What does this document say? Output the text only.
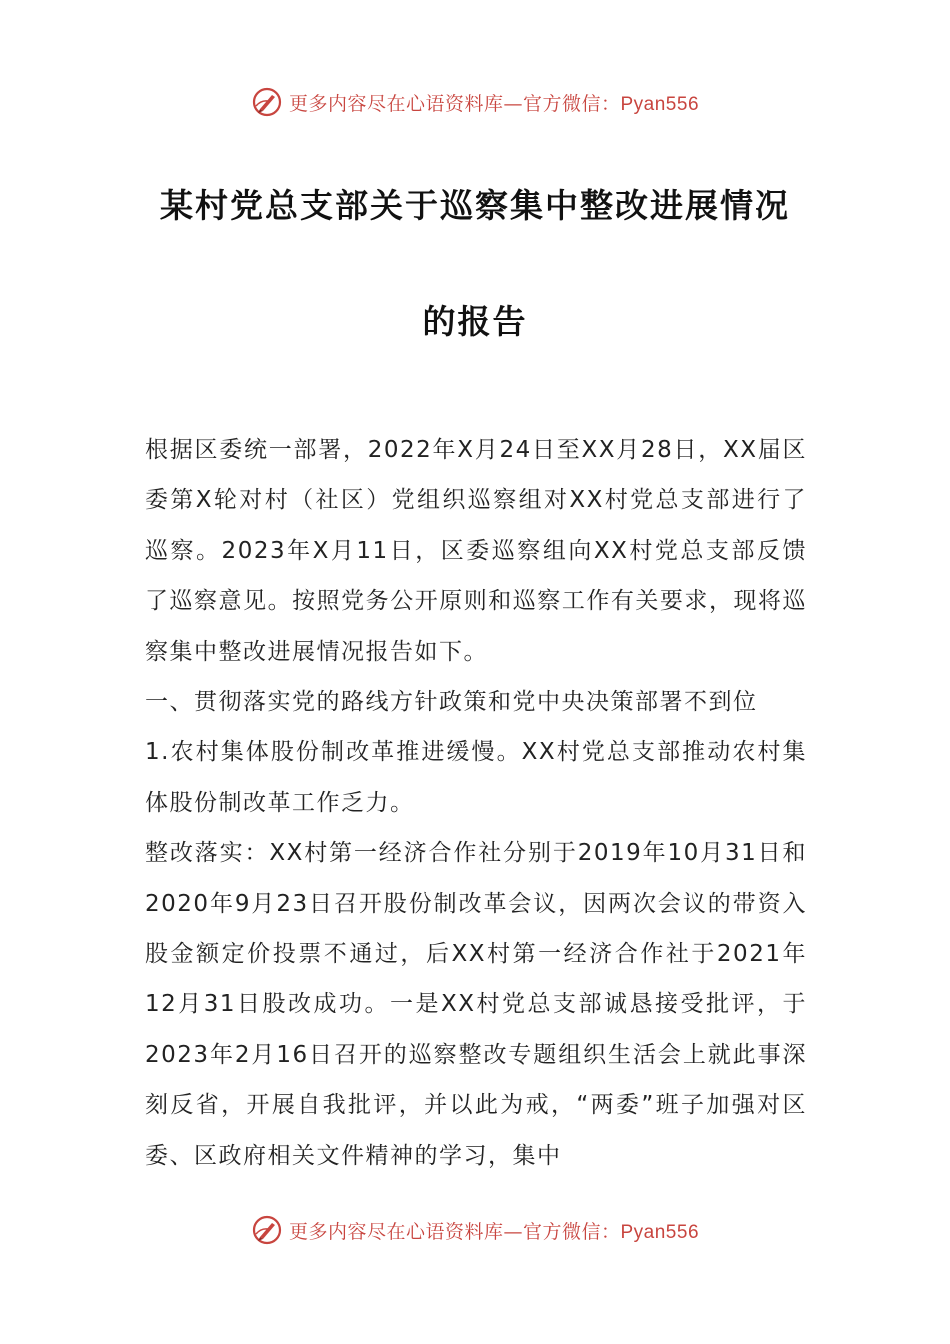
更多内容尽在心语资料库—官方微信：Pyan556
某村党总支部关于巡察集中整改进展情况
的报告

根据区委统一部署，2022年X月24日至XX月28日，XX届区委第X轮对村（社区）党组织巡察组对XX村党总支部进行了巡察。2023年X月11日，区委巡察组向XX村党总支部反馈了巡察意见。按照党务公开原则和巡察工作有关要求，现将巡察集中整改进展情况报告如下。

一、贯彻落实党的路线方针政策和党中央决策部署不到位

1.农村集体股份制改革推进缓慢。XX村党总支部推动农村集体股份制改革工作乏力。

整改落实：XX村第一经济合作社分别于2019年10月31日和2020年9月23日召开股份制改革会议，因两次会议的带资入股金额定价投票不通过，后XX村第一经济合作社于2021年12月31日股改成功。一是XX村党总支部诚恳接受批评，于2023年2月16日召开的巡察整改专题组织生活会上就此事深刻反省，开展自我批评，并以此为戒，“两委”班子加强对区委、区政府相关文件精神的学习，集中

更多内容尽在心语资料库—官方微信：Pyan556
